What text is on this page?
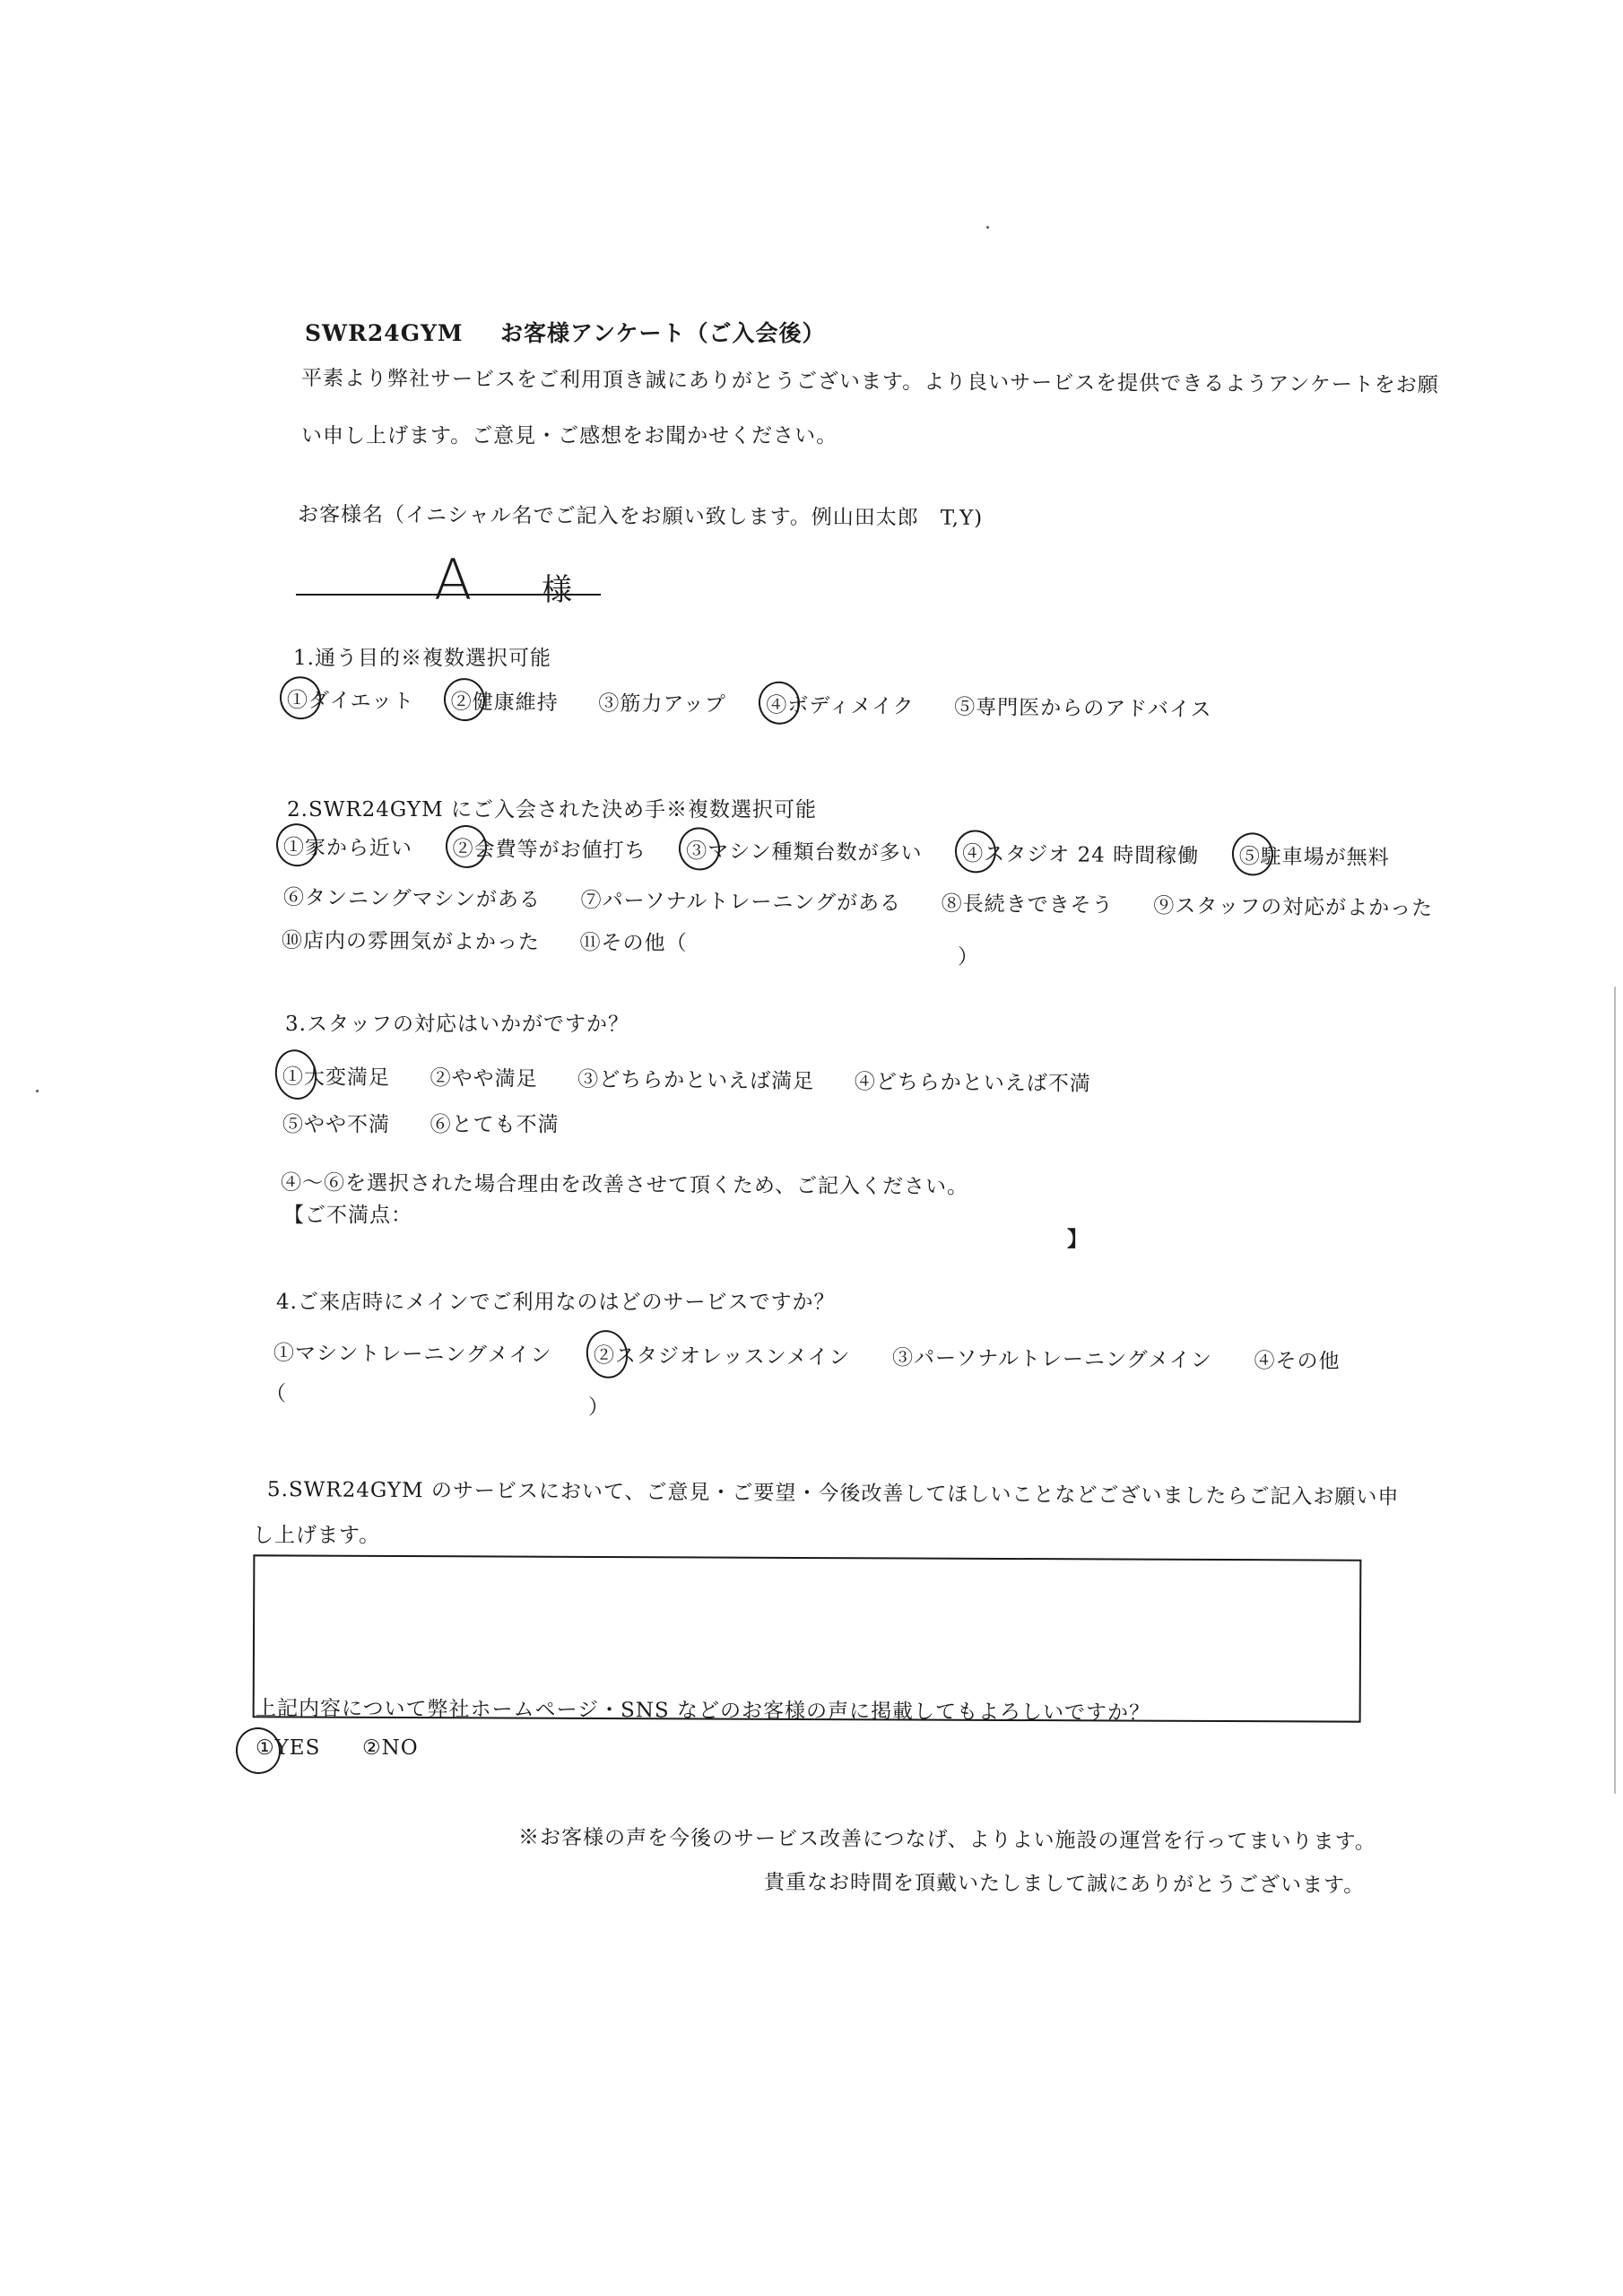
SWR24GYM お客様アンケート（ご入会後）
平素より弊社サービスをご利用頂き誠にありがとうございます。より良いサービスを提供できるようアンケートをお願
い申し上げます。ご意見・ご感想をお聞かせください。
お客様名（イニシャル名でご記入をお願い致します。例山田太郎　T,Y)
A 様
1.通う目的※複数選択可能
①ダイエット ②健康維持 ③筋力アップ ④ボディメイク ⑤専門医からのアドバイス
2.SWR24GYM にご入会された決め手※複数選択可能
①家から近い ②会費等がお値打ち ③マシン種類台数が多い ④スタジオ 24 時間稼働 ⑤駐車場が無料
⑥タンニングマシンがある ⑦パーソナルトレーニングがある ⑧長続きできそう ⑨スタッフの対応がよかった
⑩店内の雰囲気がよかった ⑪その他（
）
3.スタッフの対応はいかがですか？
①大変満足 ②やや満足 ③どちらかといえば満足 ④どちらかといえば不満
⑤やや不満 ⑥とても不満
④～⑥を選択された場合理由を改善させて頂くため、ご記入ください。
【ご不満点：
】
4.ご来店時にメインでご利用なのはどのサービスですか？
①マシントレーニングメイン ②スタジオレッスンメイン ③パーソナルトレーニングメイン ④その他
（
）
5.SWR24GYM のサービスにおいて、ご意見・ご要望・今後改善してほしいことなどございましたらご記入お願い申
し上げます。
上記内容について弊社ホームページ・SNS などのお客様の声に掲載してもよろしいですか？
①YES ②NO
※お客様の声を今後のサービス改善につなげ、よりよい施設の運営を行ってまいります。
貴重なお時間を頂戴いたしまして誠にありがとうございます。
